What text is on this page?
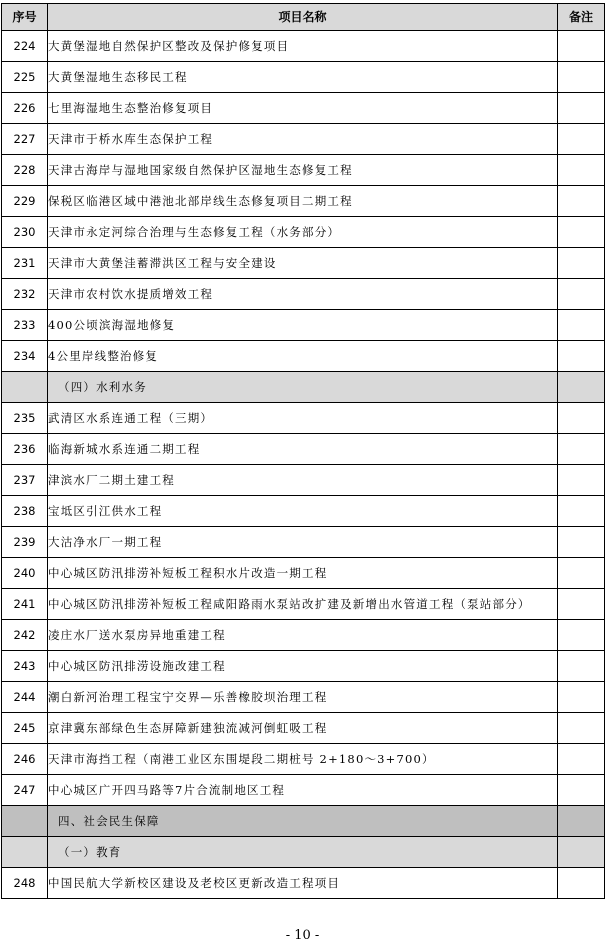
序号	项目名称	备注
224	大黄堡湿地自然保护区整改及保护修复项目	
225	大黄堡湿地生态移民工程	
226	七里海湿地生态整治修复项目	
227	天津市于桥水库生态保护工程	
228	天津古海岸与湿地国家级自然保护区湿地生态修复工程	
229	保税区临港区域中港池北部岸线生态修复项目二期工程	
230	天津市永定河综合治理与生态修复工程（水务部分）	
231	天津市大黄堡洼蓄滞洪区工程与安全建设	
232	天津市农村饮水提质增效工程	
233	400公顷滨海湿地修复	
234	4公里岸线整治修复	
	（四）水利水务	
235	武清区水系连通工程（三期）	
236	临海新城水系连通二期工程	
237	津滨水厂二期土建工程	
238	宝坻区引江供水工程	
239	大沽净水厂一期工程	
240	中心城区防汛排涝补短板工程积水片改造一期工程	
241	中心城区防汛排涝补短板工程咸阳路雨水泵站改扩建及新增出水管道工程（泵站部分）	
242	凌庄水厂送水泵房异地重建工程	
243	中心城区防汛排涝设施改建工程	
244	潮白新河治理工程宝宁交界—乐善橡胶坝治理工程	
245	京津冀东部绿色生态屏障新建独流减河倒虹吸工程	
246	天津市海挡工程（南港工业区东围堤段二期桩号 2+180～3+700）	
247	中心城区广开四马路等7片合流制地区工程	
	四、社会民生保障	
	（一）教育	
248	中国民航大学新校区建设及老校区更新改造工程项目	
- 10 -
